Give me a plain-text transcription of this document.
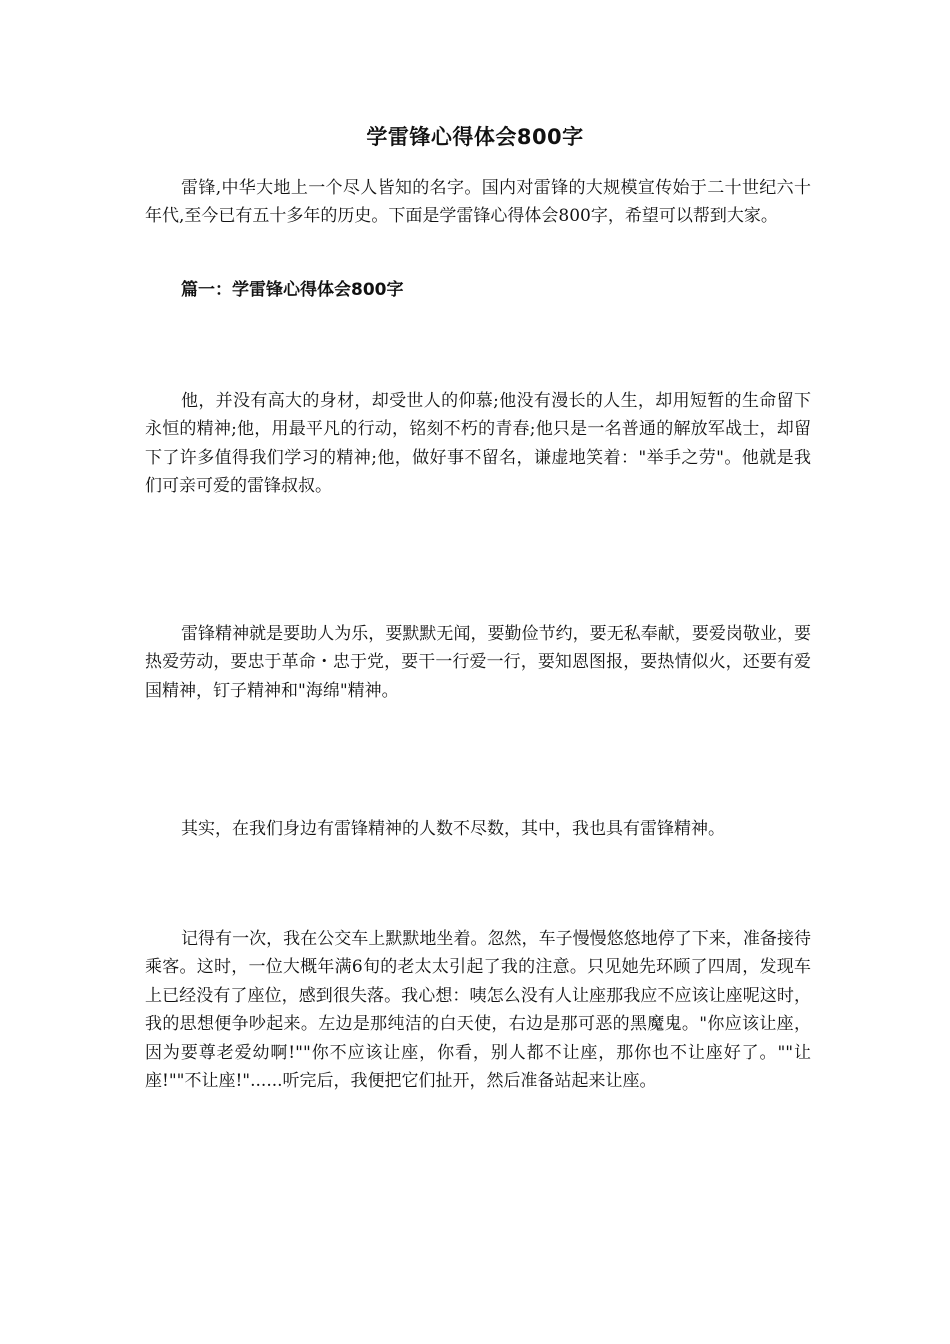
学雷锋心得体会800字

雷锋,中华大地上一个尽人皆知的名字。国内对雷锋的大规模宣传始于二十世纪六十年代,至今已有五十多年的历史。下面是学雷锋心得体会800字，希望可以帮到大家。

篇一：学雷锋心得体会800字

他，并没有高大的身材，却受世人的仰慕;他没有漫长的人生，却用短暂的生命留下永恒的精神;他，用最平凡的行动，铭刻不朽的青春;他只是一名普通的解放军战士，却留下了许多值得我们学习的精神;他，做好事不留名，谦虚地笑着："举手之劳"。他就是我们可亲可爱的雷锋叔叔。

雷锋精神就是要助人为乐，要默默无闻，要勤俭节约，要无私奉献，要爱岗敬业，要热爱劳动，要忠于革命・忠于党，要干一行爱一行，要知恩图报，要热情似火，还要有爱国精神，钉子精神和"海绵"精神。

其实，在我们身边有雷锋精神的人数不尽数，其中，我也具有雷锋精神。

记得有一次，我在公交车上默默地坐着。忽然，车子慢慢悠悠地停了下来，准备接待乘客。这时，一位大概年满6旬的老太太引起了我的注意。只见她先环顾了四周，发现车上已经没有了座位，感到很失落。我心想：咦怎么没有人让座那我应不应该让座呢这时，我的思想便争吵起来。左边是那纯洁的白天使，右边是那可恶的黑魔鬼。"你应该让座，因为要尊老爱幼啊!""你不应该让座，你看，别人都不让座，那你也不让座好了。""让座!""不让座!"......听完后，我便把它们扯开，然后准备站起来让座。
